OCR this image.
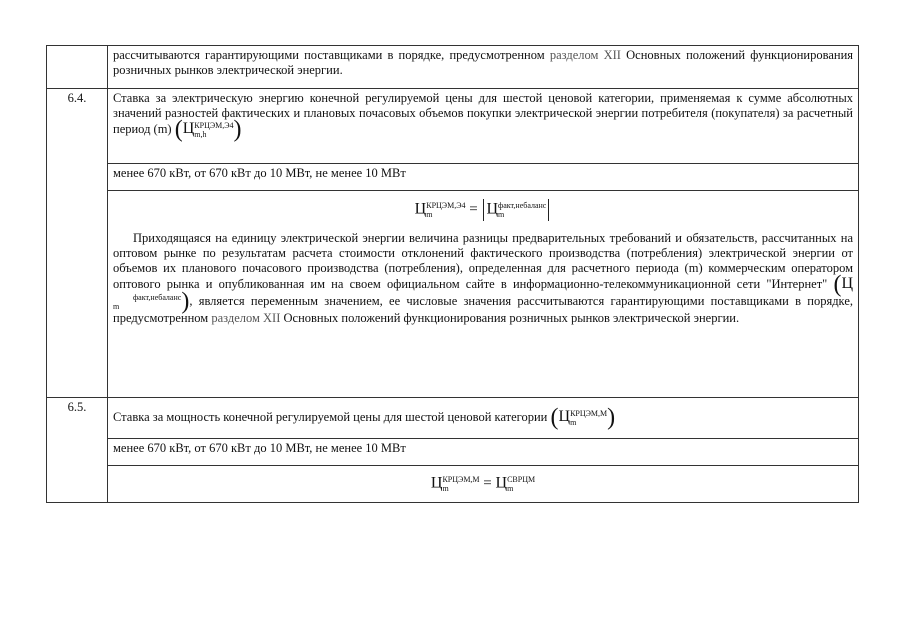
	рассчитываются гарантирующими поставщиками в порядке, предусмотренном разделом XII Основных положений функционирования розничных рынков электрической энергии.
6.4.	Ставка за электрическую энергию конечной регулируемой цены для шестой ценовой категории, применяемая к сумме абсолютных значений разностей фактических и плановых почасовых объемов покупки электрической энергии потребителя (покупателя) за расчетный период (m) (ЦКРЦЭМ,Э4
m,h )
	менее 670 кВт, от 670 кВт до 10 МВт, не менее 10 МВт

	ЦКРЦЭМ,Э4
m = Цфакт,небаланс
m
Приходящаяся на единицу электрической энергии величина разницы предварительных требований и обязательств, рассчитанных на оптовом рынке по результатам расчета стоимости отклонений фактического производства (потребления) электрической энергии от объемов их планового почасового производства (потребления), определенная для расчетного периода (m) коммерческим оператором оптового рынка и опубликованная им на своем официальном сайте в информационно-телекоммуникационной сети "Интернет" (Цфакт,небаланс
m ), является переменным значением, ее числовые значения рассчитываются гарантирующими поставщиками в порядке, предусмотренном разделом XII Основных положений функционирования розничных рынков электрической энергии.

6.5.	Ставка за мощность конечной регулируемой цены для шестой ценовой категории (ЦКРЦЭМ,М
m )
	менее 670 кВт, от 670 кВт до 10 МВт, не менее 10 МВт

	ЦКРЦЭМ,М
m = ЦСВРЦМ
m
